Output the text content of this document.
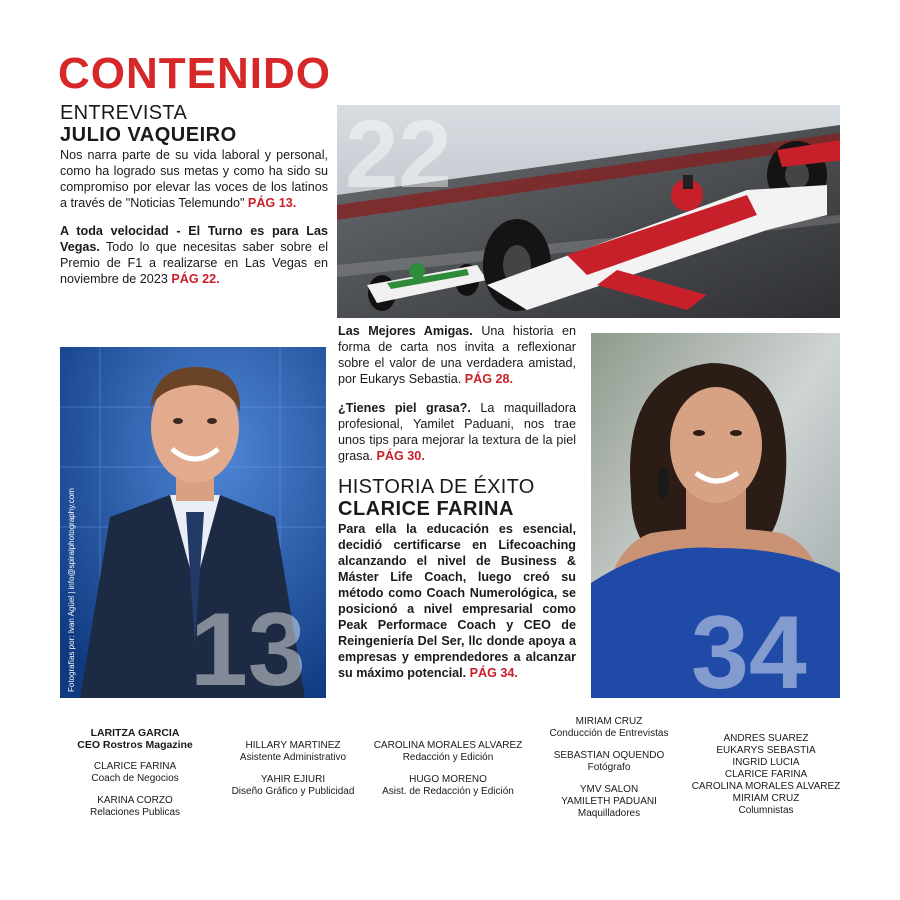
CONTENIDO
ENTREVISTA
JULIO VAQUEIRO
Nos narra parte de su vida laboral y personal, como ha logrado sus metas y como ha sido su compromiso por elevar las voces de los latinos a través de "Noticias Telemundo" PÁG 13.
A toda velocidad - El Turno es para Las Vegas. Todo lo que necesitas saber sobre el Premio de F1 a realizarse en Las Vegas en noviembre de 2023 PÁG 22.
22
13
Fotografías por: Ivan Agüel | info@spiralphotography.com
Las Mejores Amigas. Una historia en forma de carta nos invita a reflexionar sobre el valor de una verdadera amistad, por Eukarys Sebastia. PÁG 28.
¿Tienes piel grasa?. La maquilladora profesional, Yamilet Paduani, nos trae unos tips para mejorar la textura de la piel grasa. PÁG 30.
HISTORIA DE ÉXITO
CLARICE FARINA
Para ella la educación es esencial, decidió certificarse en Lifecoaching alcanzando el nivel de Business & Máster Life Coach, luego creó su método como Coach Numerológica, se posicionó a nivel empresarial como Peak Performace Coach y CEO de Reingeniería Del Ser, llc donde apoya a empresas y emprendedores a alcanzar su máximo potencial. PÁG 34.	34
LARITZA GARCIA
CEO Rostros Magazine
CLARICE FARINA
Coach de Negocios
KARINA CORZO
Relaciones Publicas
HILLARY MARTINEZ
Asistente Administrativo
YAHIR EJIURI
Diseño Gráfico y Publicidad
CAROLINA MORALES ALVAREZ
Redacción y Edición
HUGO MORENO
Asist. de Redacción y Edición
MIRIAM CRUZ
Conducción de Entrevistas
SEBASTIAN OQUENDO
Fotógrafo
YMV SALON
YAMILETH PADUANI
Maquilladores
ANDRES SUAREZ
EUKARYS SEBASTIA
INGRID LUCIA
CLARICE FARINA
CAROLINA MORALES ALVAREZ
MIRIAM CRUZ
Columnistas
